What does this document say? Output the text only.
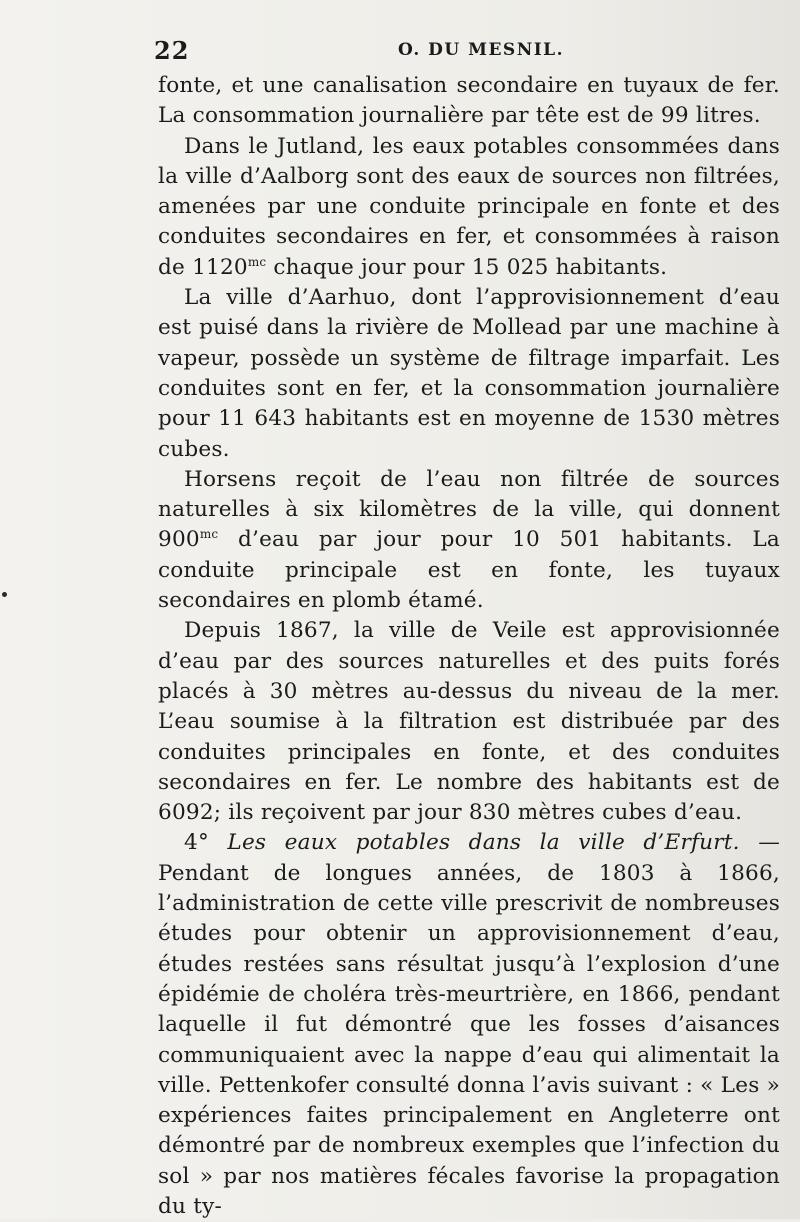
22	O. DU MESNIL.

fonte, et une canalisation secondaire en tuyaux de fer. La consommation journalière par tête est de 99 litres.

Dans le Jutland, les eaux potables consommées dans la ville d’Aalborg sont des eaux de sources non filtrées, amenées par une conduite principale en fonte et des conduites secondaires en fer, et consommées à raison de $1120^{mc}$ chaque jour pour 15 025 habitants.

La ville d’Aarhuo, dont l’approvisionnement d’eau est puisé dans la rivière de Mollead par une machine à vapeur, possède un système de filtrage imparfait. Les conduites sont en fer, et la consommation journalière pour 11 643 habitants est en moyenne de 1530 mètres cubes.

Horsens reçoit de l’eau non filtrée de sources naturelles à six kilomètres de la ville, qui donnent $900^{mc}$ d’eau par jour pour 10 501 habitants. La conduite principale est en fonte, les tuyaux secondaires en plomb étamé.

Depuis 1867, la ville de Veile est approvisionnée d’eau par des sources naturelles et des puits forés placés à 30 mètres au-dessus du niveau de la mer. L’eau soumise à la filtration est distribuée par des conduites principales en fonte, et des conduites secondaires en fer. Le nombre des habitants est de 6092; ils reçoivent par jour 830 mètres cubes d’eau.

4° Les eaux potables dans la ville d’Erfurt. — Pendant de longues années, de 1803 à 1866, l’administration de cette ville prescrivit de nombreuses études pour obtenir un approvisionnement d’eau, études restées sans résultat jusqu’à l’explosion d’une épidémie de choléra très-meurtrière, en 1866, pendant laquelle il fut démontré que les fosses d’aisances communiquaient avec la nappe d’eau qui alimentait la ville. Pettenkofer consulté donna l’avis suivant : « Les » expériences faites principalement en Angleterre ont démontré par de nombreux exemples que l’infection du sol » par nos matières fécales favorise la propagation du ty-
